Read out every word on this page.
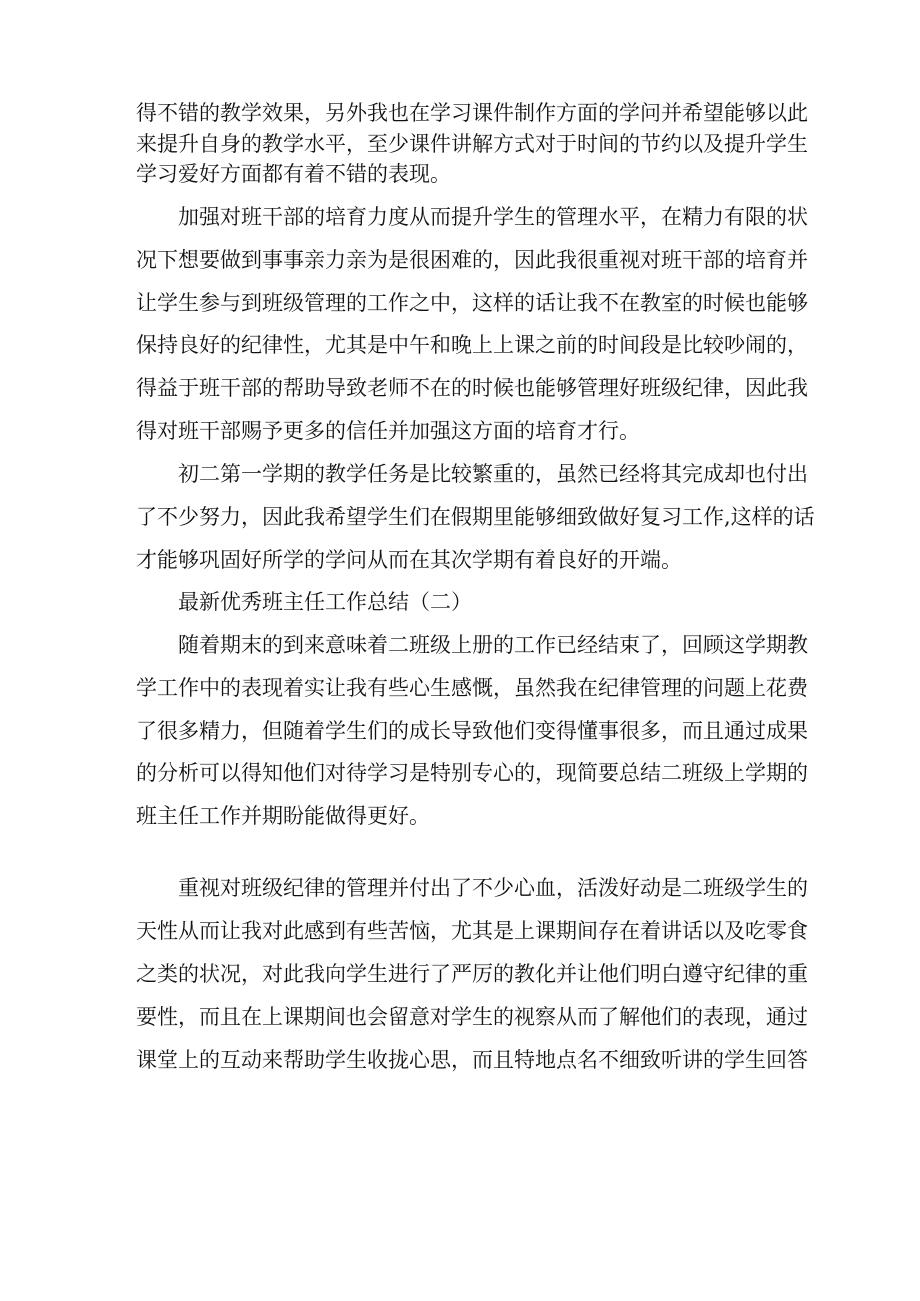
得不错的教学效果，另外我也在学习课件制作方面的学问并希望能够以此
来提升自身的教学水平，至少课件讲解方式对于时间的节约以及提升学生
学习爱好方面都有着不错的表现。
加强对班干部的培育力度从而提升学生的管理水平，在精力有限的状
况下想要做到事事亲力亲为是很困难的，因此我很重视对班干部的培育并
让学生参与到班级管理的工作之中，这样的话让我不在教室的时候也能够
保持良好的纪律性，尤其是中午和晚上上课之前的时间段是比较吵闹的，
得益于班干部的帮助导致老师不在的时候也能够管理好班级纪律，因此我
得对班干部赐予更多的信任并加强这方面的培育才行。
初二第一学期的教学任务是比较繁重的，虽然已经将其完成却也付出
了不少努力，因此我希望学生们在假期里能够细致做好复习工作,这样的话
才能够巩固好所学的学问从而在其次学期有着良好的开端。
最新优秀班主任工作总结（二）
随着期末的到来意味着二班级上册的工作已经结束了，回顾这学期教
学工作中的表现着实让我有些心生感慨，虽然我在纪律管理的问题上花费
了很多精力，但随着学生们的成长导致他们变得懂事很多，而且通过成果
的分析可以得知他们对待学习是特别专心的，现简要总结二班级上学期的
班主任工作并期盼能做得更好。
重视对班级纪律的管理并付出了不少心血，活泼好动是二班级学生的
天性从而让我对此感到有些苦恼，尤其是上课期间存在着讲话以及吃零食
之类的状况，对此我向学生进行了严厉的教化并让他们明白遵守纪律的重
要性，而且在上课期间也会留意对学生的视察从而了解他们的表现，通过
课堂上的互动来帮助学生收拢心思，而且特地点名不细致听讲的学生回答
